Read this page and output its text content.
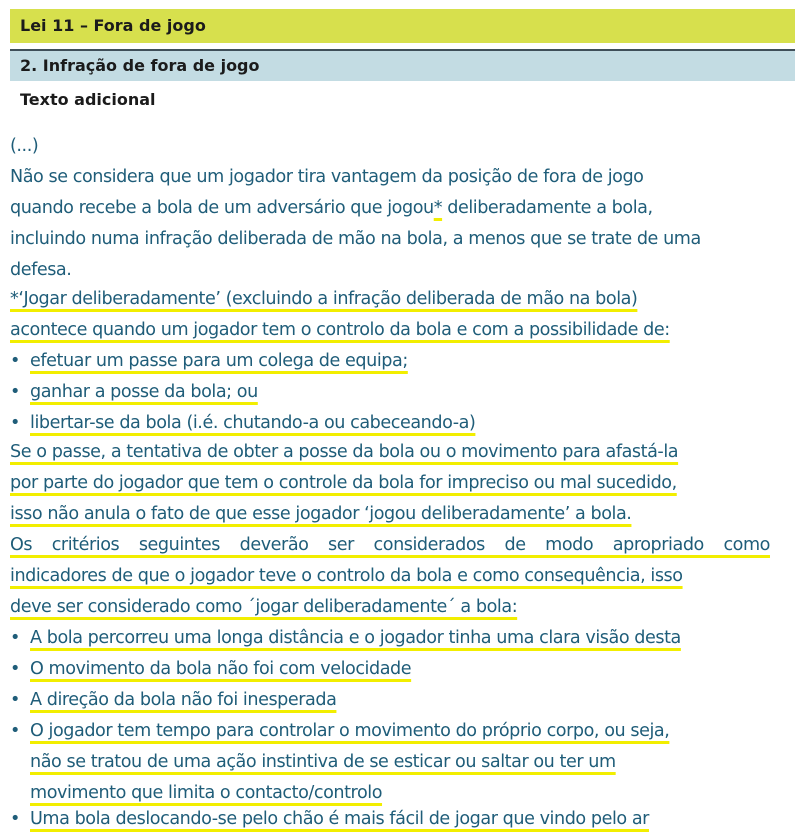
Lei 11 – Fora de jogo
2. Infração de fora de jogo
Texto adicional
(...)
Não se considera que um jogador tira vantagem da posição de fora de jogo
quando recebe a bola de um adversário que jogou* deliberadamente a bola,
incluindo numa infração deliberada de mão na bola, a menos que se trate de uma
defesa.
*‘Jogar deliberadamente’ (excluindo a infração deliberada de mão na bola)
acontece quando um jogador tem o controlo da bola e com a possibilidade de:
• efetuar um passe para um colega de equipa;
• ganhar a posse da bola; ou
• libertar-se da bola (i.é. chutando-a ou cabeceando-a)
Se o passe, a tentativa de obter a posse da bola ou o movimento para afastá-la
por parte do jogador que tem o controle da bola for impreciso ou mal sucedido,
isso não anula o fato de que esse jogador ‘jogou deliberadamente’ a bola.
Os critérios seguintes deverão ser considerados de modo apropriado como
indicadores de que o jogador teve o controlo da bola e como consequência, isso
deve ser considerado como ´jogar deliberadamente´ a bola:
• A bola percorreu uma longa distância e o jogador tinha uma clara visão desta
• O movimento da bola não foi com velocidade
• A direção da bola não foi inesperada
• O jogador tem tempo para controlar o movimento do próprio corpo, ou seja,
não se tratou de uma ação instintiva de se esticar ou saltar ou ter um
movimento que limita o contacto/controlo
• Uma bola deslocando-se pelo chão é mais fácil de jogar que vindo pelo ar
